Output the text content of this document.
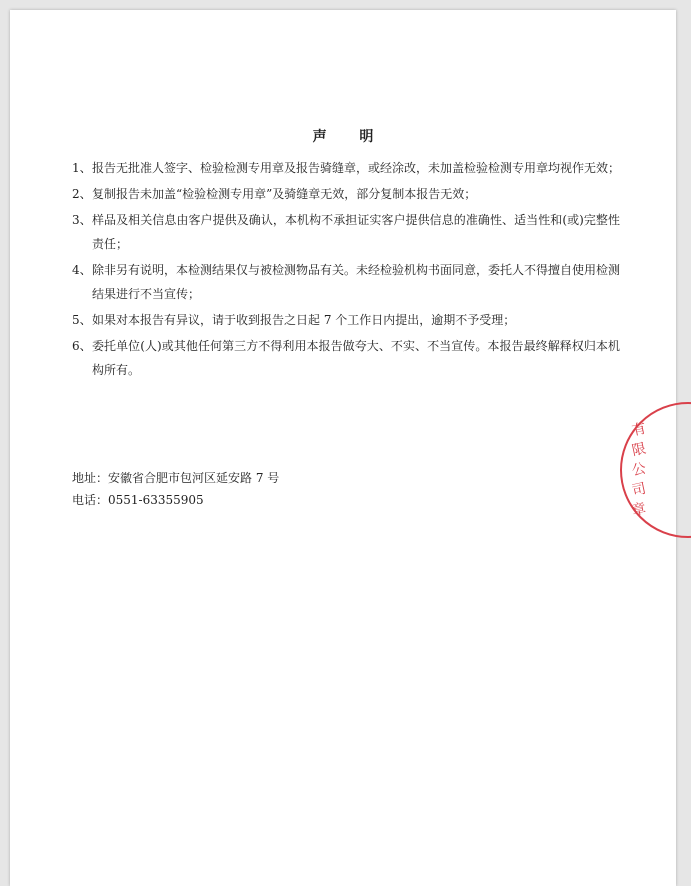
声 明
1、 报告无批准人签字、检验检测专用章及报告骑缝章，或经涂改，未加盖检验检测专用章均视作无效；
2、 复制报告未加盖“检验检测专用章”及骑缝章无效，部分复制本报告无效；
3、 样品及相关信息由客户提供及确认，本机构不承担证实客户提供信息的准确性、适当性和(或)完整性责任；
4、 除非另有说明，本检测结果仅与被检测物品有关。未经检验机构书面同意，委托人不得擅自使用检测结果进行不当宣传；
5、 如果对本报告有异议，请于收到报告之日起 7 个工作日内提出，逾期不予受理；
6、 委托单位(人)或其他任何第三方不得利用本报告做夸大、不实、不当宣传。本报告最终解释权归本机构所有。
地址：安徽省合肥市包河区延安路 7 号
电话：0551-63355905
有
限
公
司
章
